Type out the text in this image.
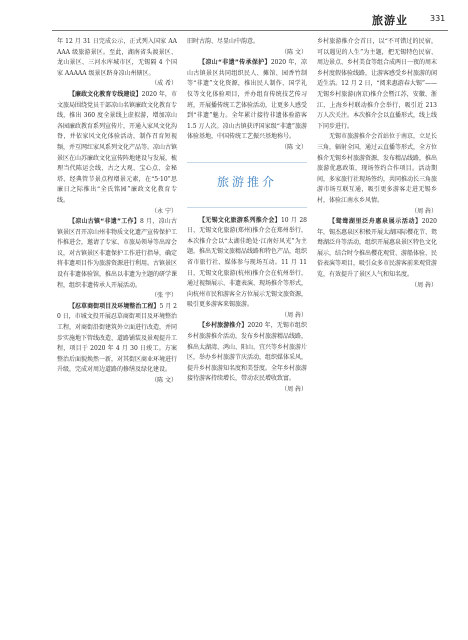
旅游业	331

年 12 月 31 日完成公示，正式列入国家 AAAAA 级旅游景区。至此，湖南省头渡景区、龙山景区、三河水库城市区，无锡隔 4 个国家 AAAAA 级景区跻身凉山州辖区。

（成 希）

【廉政文化教育专线建设】2020 年，市文旅局围绕党员干部凉山名镇廉政文化教育专线，推出 360 度全景线上虚拟游，增加凉山各园廉政教育系列宣传片，开通入家风文化沟脊，并依家风文化体验活动，制作召育短视频，并互网红家风系列文化产品等。凉山古镇景区在山苏廉政文化宣传阵地建设与发展，梳理当代陈运会线、古之大观、宝心点、金秘塔、经典管节景点程增景元素，在“5·10”思廉日之际推出“全氏铭园”廉政文化教育专线。

（永 宁）

【凉山古镇“非遗”工作】8 月，凉山古镇景区召开凉山州非物质文化遗产宣传保护工作推进会，邀请了专家、市旅局领导等出席会议，对古镇景区非遗保护工作进行指导，确定将非遗项目作为旅游资源进行利用。古镇景区设有非遗体验馆，推出以非遗为主题的研学课程，组织非遗传承人开展活动。

（张 宇）

【忍草商街项目及环境整治工程】5 月 20 日，市城文投开展忍草商街项目及环境整治工程，对商街沿街建筑外立面进行改造，并同步实施地下管线改造、道路铺装及景观提升工程，项目于 2020 年 4 月 30 日竣工。方案整治后面貌焕然一新，对其街区商业环境进行升级，完成对周边道路的修缮及绿化建设。

（陈 文）

旧时古韵、尽显山中韵意。

（陈 文）

【凉山“非遗”传承保护】2020 年，凉山古镇景区共同组织民人、摊馆、园香竹制等“非遗”文化资源，推出民人制作、国学礼仪等文化体验项目，并办组育传统技艺传习班，开展播传统工艺体验活动，让更多人感受到“非遗”魅力。全年累计接待非遗体验游客 1.5 万人次。凉山古镇获评国家级“非遗”旅游体验基地，中国传统工艺振兴基地称号。

（陈 文）

旅游推介

【无锡文化旅游系列推介会】10 月 28 日，无锡文化旅游(郑州)推介会在郑州举行，本次推介会以“太湖佳绝处·江南好风光”为主题，推出无锡文旅精品线路和特色产品，组织省市旅行社、媒体参与现场互动。11 月 11 日，无锡文化旅游(杭州)推介会在杭州举行，通过视频展示、非遗表演、现场推介等形式，向杭州市民和游客全方位展示无锡文旅资源，吸引更多游客来锡旅游。

（周 犇）

【乡村旅游推介】2020 年，无锡市组织乡村旅游推介活动，发布乡村旅游精品线路，推出太湖湾、鸿山、阳山、宜兴等乡村旅游片区，举办乡村旅游节庆活动，组织媒体采风，提升乡村旅游知名度和美誉度。全年乡村旅游接待游客持续增长，带动农民增收致富。

（周 犇）

乡村旅游推介会首日，以“不可错过的民宿，可以遇见的人生”为主题，把无锡特色民宿、周边景点、乡村美食等组合成两日一夜的周末乡村度假体验线路，让游客感受乡村旅游的闲适生活。12 月 2 日，“阅来惠游春大锡”——无锡乡村旅游(南京)推介会暨江苏，安徽、浙江、上海乡村联动推介会举行，吸引近 213 万人次关注。本次推介会以直播形式，线上线下同步进行。

无锡市旅游推介会首站位于南京，立足长三角，辐射全国，通过云直播等形式，全方位推介无锡乡村旅游资源，发布精品线路，推出旅游优惠政策，现场签约合作项目。活动期间，多家旅行社现场签约，共同推动长三角旅游市场互联互通，吸引更多游客走进无锡乡村，体验江南水乡风情。

（周 犇）

【鸳鸯湖里泛舟惠泉展示活动】2020 年，锡杰惠泉区积极开展太湖国际樱花节、鸳鸯湖泛舟等活动，组织开展惠泉景区特色文化展示，结合时令推出樱花观赏、游船体验、民俗表演等项目，吸引众多市民游客前来观赏游览，有效提升了景区人气和知名度。

（周 犇）
